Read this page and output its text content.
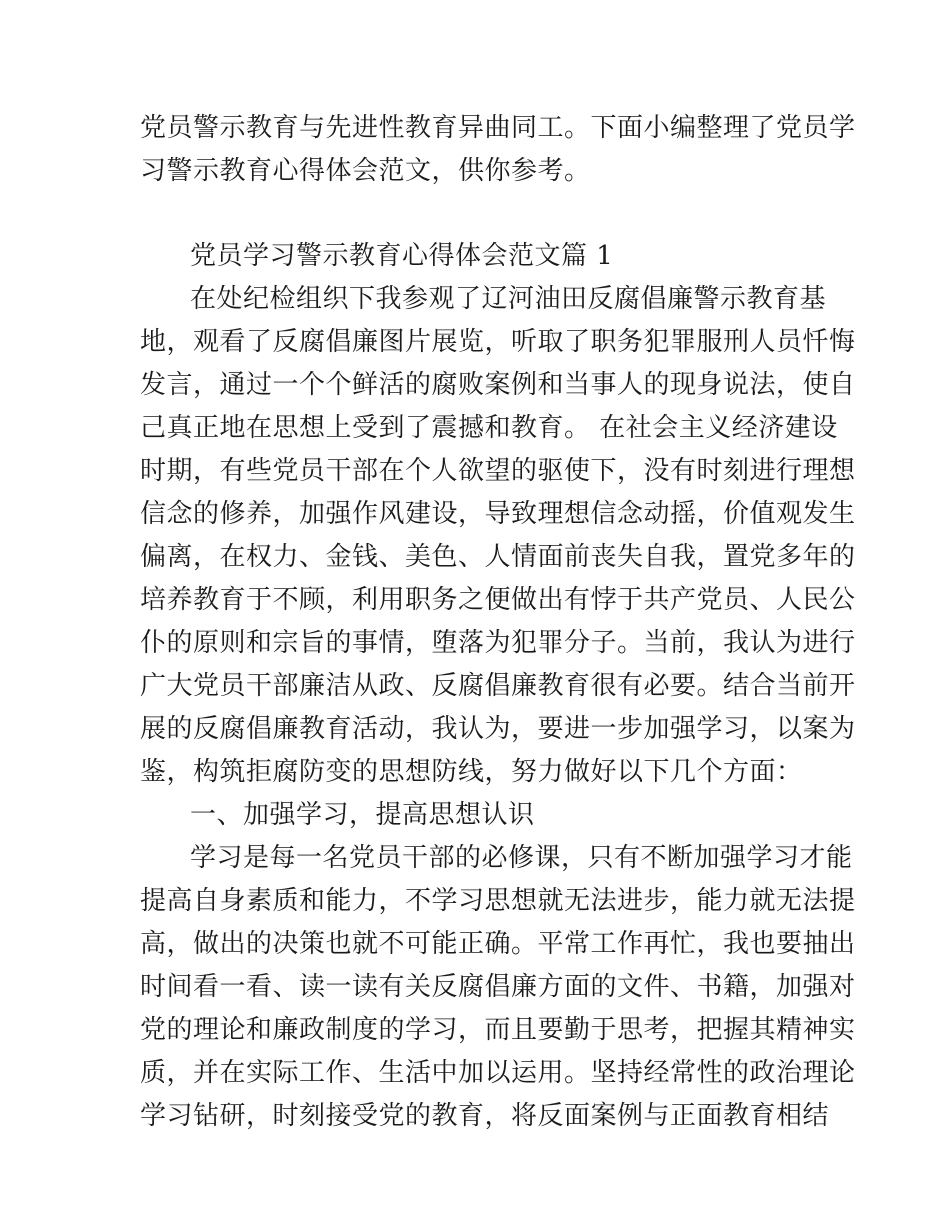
党员警示教育与先进性教育异曲同工。下面小编整理了党员学
习警示教育心得体会范文，供你参考。
党员学习警示教育心得体会范文篇 1
在处纪检组织下我参观了辽河油田反腐倡廉警示教育基
地，观看了反腐倡廉图片展览，听取了职务犯罪服刑人员忏悔
发言，通过一个个鲜活的腐败案例和当事人的现身说法，使自
己真正地在思想上受到了震撼和教育。 在社会主义经济建设
时期，有些党员干部在个人欲望的驱使下，没有时刻进行理想
信念的修养，加强作风建设，导致理想信念动摇，价值观发生
偏离，在权力、金钱、美色、人情面前丧失自我，置党多年的
培养教育于不顾，利用职务之便做出有悖于共产党员、人民公
仆的原则和宗旨的事情，堕落为犯罪分子。当前，我认为进行
广大党员干部廉洁从政、反腐倡廉教育很有必要。结合当前开
展的反腐倡廉教育活动，我认为，要进一步加强学习，以案为
鉴，构筑拒腐防变的思想防线，努力做好以下几个方面：
一、加强学习，提高思想认识
学习是每一名党员干部的必修课，只有不断加强学习才能
提高自身素质和能力，不学习思想就无法进步，能力就无法提
高，做出的决策也就不可能正确。平常工作再忙，我也要抽出
时间看一看、读一读有关反腐倡廉方面的文件、书籍，加强对
党的理论和廉政制度的学习，而且要勤于思考，把握其精神实
质，并在实际工作、生活中加以运用。坚持经常性的政治理论
学习钻研，时刻接受党的教育，将反面案例与正面教育相结
